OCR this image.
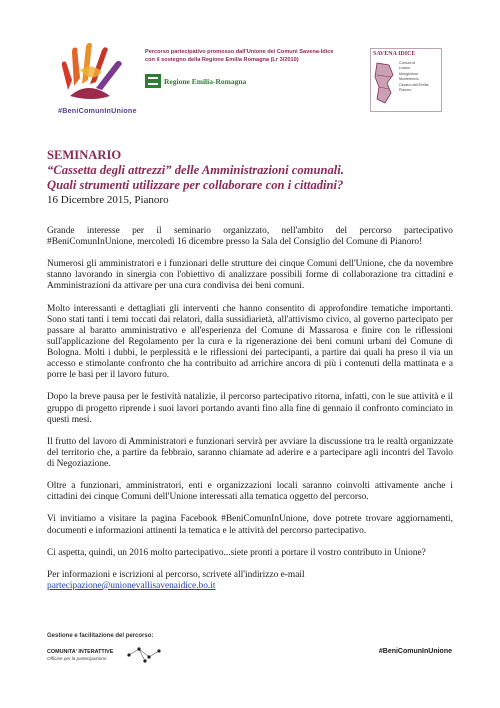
#BeniComunInUnione
Percorso partecipativo promosso dall'Unione dei Comuni Savena-Idice
con il sostegno della Regione Emilia Romagna (Lr 3/2010)
Regione Emilia-Romagna
SAVENA IDICE
Comuni di
Loiano
Monghidoro
Monterenzio
Ozzano dell'Emilia
Pianoro
SEMINARIO
“Cassetta degli attrezzi” delle Amministrazioni comunali.
Quali strumenti utilizzare per collaborare con i cittadini?
16 Dicembre 2015, Pianoro

Grande interesse per il seminario organizzato, nell'ambito del percorso partecipativo #BeniComunInUnione, mercoledì 16 dicembre presso la Sala del Consiglio del Comune di Pianoro!

Numerosi gli amministratori e i funzionari delle strutture dei cinque Comuni dell'Unione, che da novembre stanno lavorando in sinergia con l'obiettivo di analizzare possibili forme di collaborazione tra cittadini e Amministrazioni da attivare per una cura condivisa dei beni comuni.

Molto interessanti e dettagliati gli interventi che hanno consentito di approfondire tematiche importanti. Sono stati tanti i temi toccati dai relatori, dalla sussidiarietà, all'attivismo civico, al governo partecipato per passare al baratto amministrativo e all'esperienza del Comune di Massarosa e finire con le riflessioni sull'applicazione del Regolamento per la cura e la rigenerazione dei beni comuni urbani del Comune di Bologna. Molti i dubbi, le perplessità e le riflessioni dei partecipanti, a partire dai quali ha preso il via un accesso e stimolante confronto che ha contribuito ad arrichire ancora di più i contenuti della mattinata e a porre le basi per il lavoro futuro.

Dopo la breve pausa per le festività natalizie, il percorso partecipativo ritorna, infatti, con le sue attività e il gruppo di progetto riprende i suoi lavori portando avanti fino alla fine di gennaio il confronto cominciato in questi mesi.

Il frutto del lavoro di Amministratori e funzionari servirà per avviare la discussione tra le realtà organizzate del territorio che, a partire da febbraio, saranno chiamate ad aderire e a partecipare agli incontri del Tavolo di Negoziazione.

Oltre a funzionari, amministratori, enti e organizzazioni locali saranno coinvolti attivamente anche i cittadini dei cinque Comuni dell'Unione interessati alla tematica oggetto del percorso.

Vi invitiamo a visitare la pagina Facebook #BeniComunInUnione, dove potrete trovare aggiornamenti, documenti e informazioni attinenti la tematica e le attività del percorso partecipativo.

Ci aspetta, quindi, un 2016 molto partecipativo...siete pronti a portare il vostro contributo in Unione?

Per informazioni e iscrizioni al percorso, scrivete all'indirizzo e-mail
partecipazione@unionevallisavenaidice.bo.it

Gestione e facilitazione del percorso:
COMUNITA' INTERATTIVE
Officine per la partecipazione
#BeniComunInUnione
